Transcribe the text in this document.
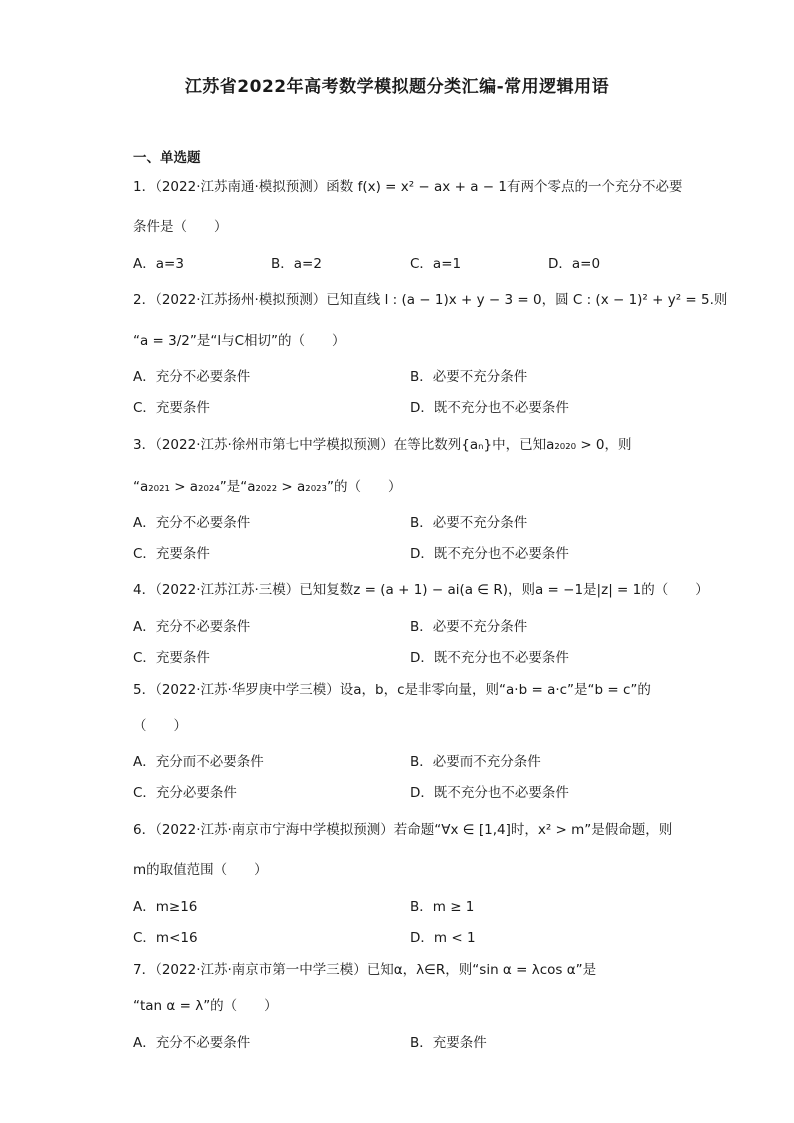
江苏省2022年高考数学模拟题分类汇编-常用逻辑用语
一、单选题
1．（2022·江苏南通·模拟预测）函数 f(x) = x² − ax + a − 1有两个零点的一个充分不必要
条件是（　　）
A．a=3	B．a=2	C．a=1	D．a=0
2．（2022·江苏扬州·模拟预测）已知直线 l : (a − 1)x + y − 3 = 0，圆 C : (x − 1)² + y² = 5.则
“a = 3/2”是“l与C相切”的（　　）
A．充分不必要条件	B．必要不充分条件
C．充要条件	D．既不充分也不必要条件
3．（2022·江苏·徐州市第七中学模拟预测）在等比数列{aₙ}中，已知a₂₀₂₀ > 0，则
“a₂₀₂₁ > a₂₀₂₄”是“a₂₀₂₂ > a₂₀₂₃”的（　　）
A．充分不必要条件	B．必要不充分条件
C．充要条件	D．既不充分也不必要条件
4．（2022·江苏江苏·三模）已知复数z = (a + 1) − ai(a ∈ R)，则a = −1是|z| = 1的（　　）
A．充分不必要条件	B．必要不充分条件
C．充要条件	D．既不充分也不必要条件
5．（2022·江苏·华罗庚中学三模）设a，b，c是非零向量，则“a·b = a·c”是“b = c”的
（　　）
A．充分而不必要条件	B．必要而不充分条件
C．充分必要条件	D．既不充分也不必要条件
6．（2022·江苏·南京市宁海中学模拟预测）若命题“∀x ∈ [1,4]时，x² > m”是假命题，则
m的取值范围（　　）
A．m≥16	B．m ≥ 1
C．m<16	D．m < 1
7．（2022·江苏·南京市第一中学三模）已知α，λ∈R，则“sin α = λcos α”是
“tan α = λ”的（　　）
A．充分不必要条件	B．充要条件
